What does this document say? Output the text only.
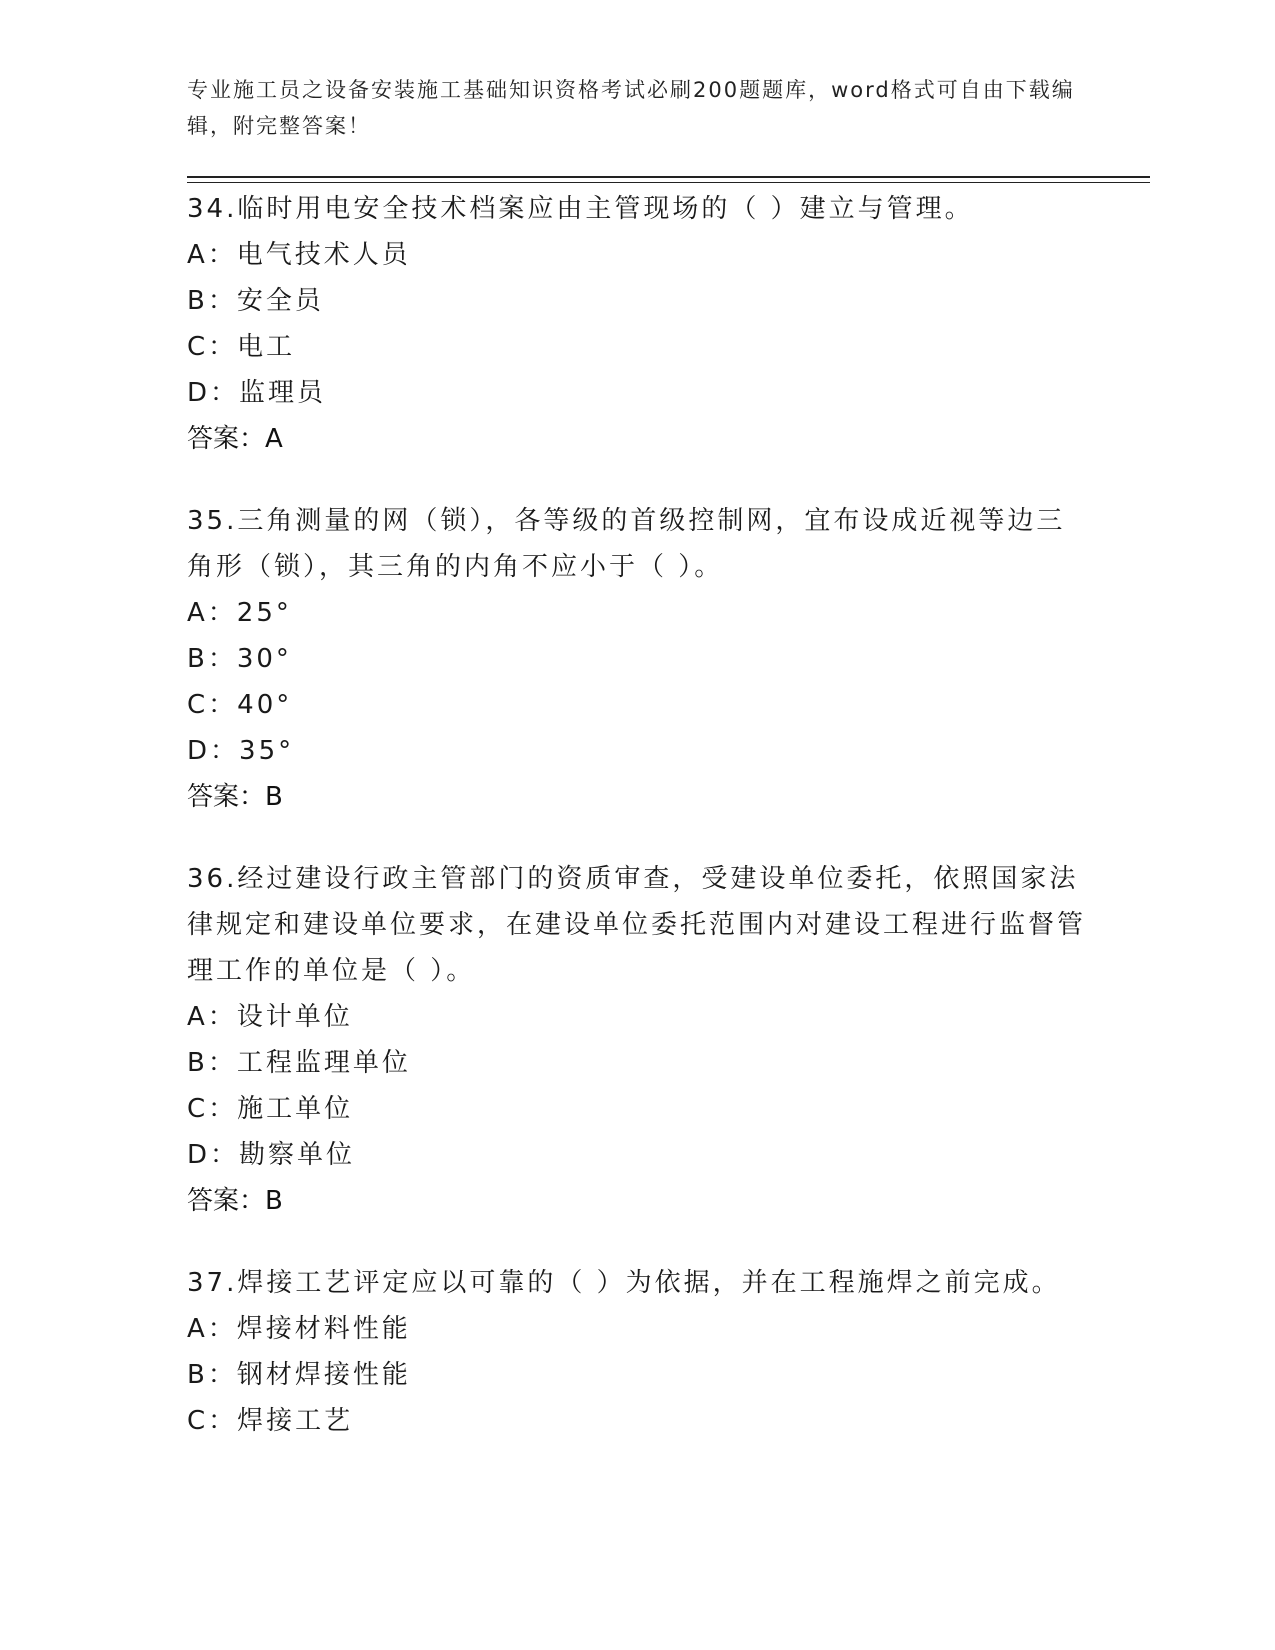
专业施工员之设备安装施工基础知识资格考试必刷200题题库，word格式可自由下载编辑，附完整答案！

34.临时用电安全技术档案应由主管现场的（ ）建立与管理。

A：电气技术人员

B：安全员

C：电工

D：监理员

答案：A

35.三角测量的网（锁），各等级的首级控制网，宜布设成近视等边三角形（锁），其三角的内角不应小于（ ）。

A：25°

B：30°

C：40°

D：35°

答案：B

36.经过建设行政主管部门的资质审查，受建设单位委托，依照国家法律规定和建设单位要求，在建设单位委托范围内对建设工程进行监督管理工作的单位是（ ）。

A：设计单位

B：工程监理单位

C：施工单位

D：勘察单位

答案：B

37.焊接工艺评定应以可靠的（ ）为依据，并在工程施焊之前完成。

A：焊接材料性能

B：钢材焊接性能

C：焊接工艺
